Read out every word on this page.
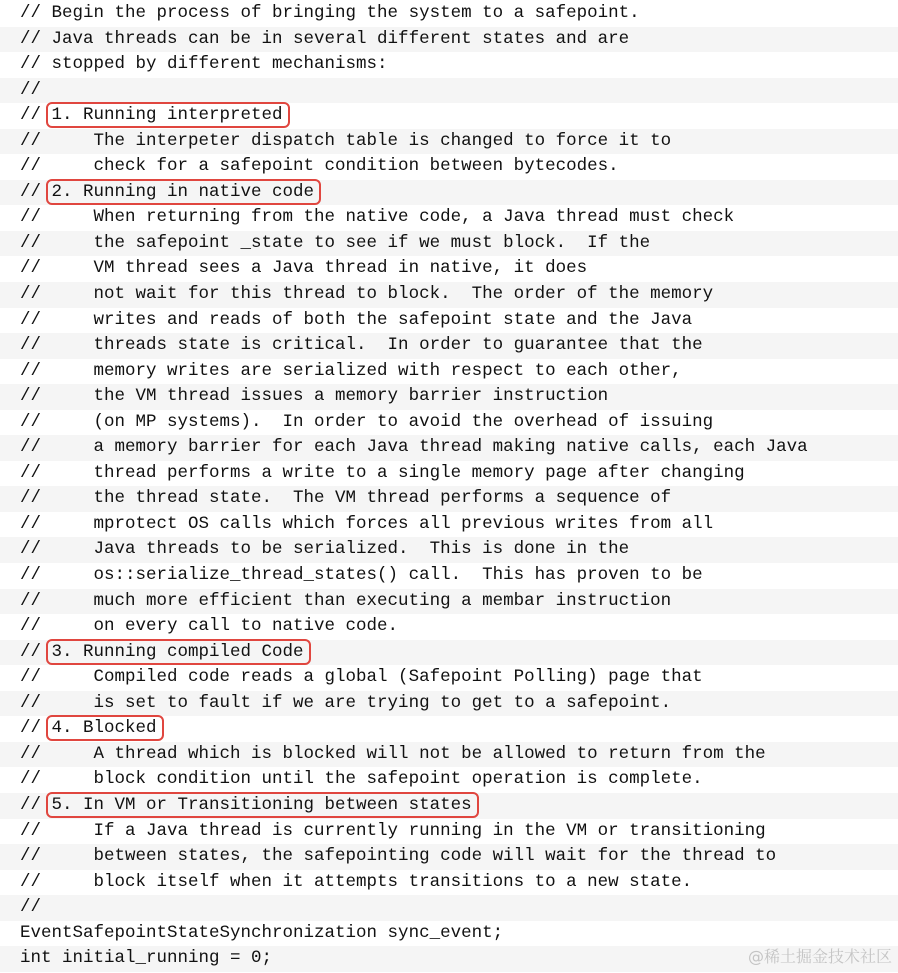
// Begin the process of bringing the system to a safepoint.
// Java threads can be in several different states and are
// stopped by different mechanisms:
//
// 1. Running interpreted
//     The interpeter dispatch table is changed to force it to
//     check for a safepoint condition between bytecodes.
// 2. Running in native code
//     When returning from the native code, a Java thread must check
//     the safepoint _state to see if we must block.  If the
//     VM thread sees a Java thread in native, it does
//     not wait for this thread to block.  The order of the memory
//     writes and reads of both the safepoint state and the Java
//     threads state is critical.  In order to guarantee that the
//     memory writes are serialized with respect to each other,
//     the VM thread issues a memory barrier instruction
//     (on MP systems).  In order to avoid the overhead of issuing
//     a memory barrier for each Java thread making native calls, each Java
//     thread performs a write to a single memory page after changing
//     the thread state.  The VM thread performs a sequence of
//     mprotect OS calls which forces all previous writes from all
//     Java threads to be serialized.  This is done in the
//     os::serialize_thread_states() call.  This has proven to be
//     much more efficient than executing a membar instruction
//     on every call to native code.
// 3. Running compiled Code
//     Compiled code reads a global (Safepoint Polling) page that
//     is set to fault if we are trying to get to a safepoint.
// 4. Blocked
//     A thread which is blocked will not be allowed to return from the
//     block condition until the safepoint operation is complete.
// 5. In VM or Transitioning between states
//     If a Java thread is currently running in the VM or transitioning
//     between states, the safepointing code will wait for the thread to
//     block itself when it attempts transitions to a new state.
//
EventSafepointStateSynchronization sync_event;
int initial_running = 0;	@稀土掘金技术社区
